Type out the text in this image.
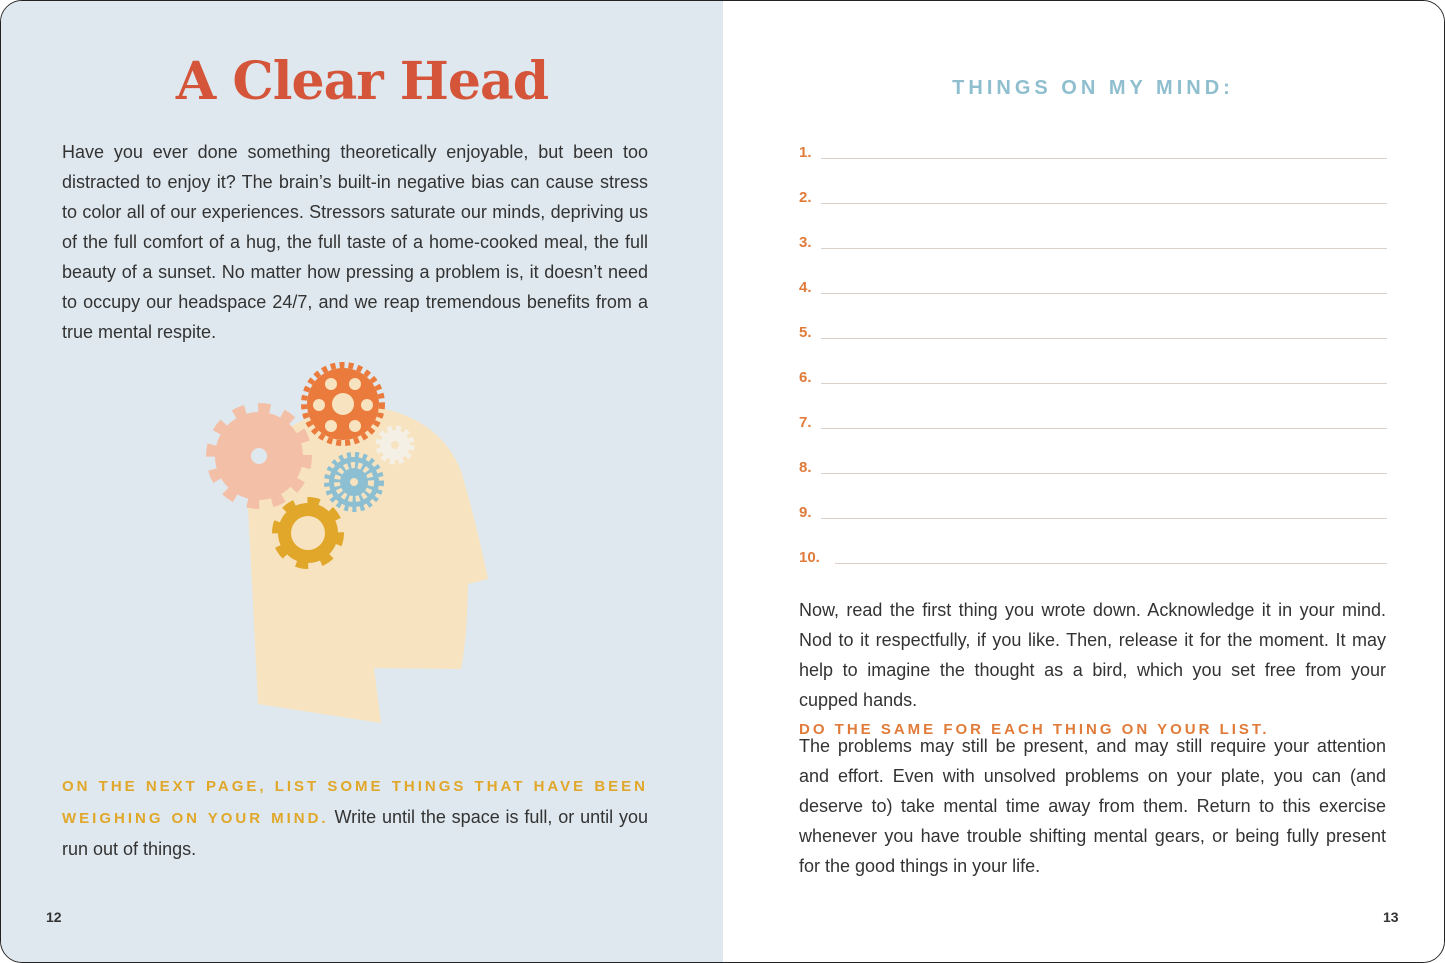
A Clear Head
Have you ever done something theoretically enjoyable, but been too distracted to enjoy it? The brain’s built-in negative bias can cause stress to color all of our experiences. Stressors saturate our minds, depriving us of the full comfort of a hug, the full taste of a home-cooked meal, the full beauty of a sunset. No matter how pressing a problem is, it doesn’t need to occupy our headspace 24/7, and we reap tremendous benefits from a true mental respite.
ON THE NEXT PAGE, LIST SOME THINGS THAT HAVE BEEN WEIGHING ON YOUR MIND. Write until the space is full, or until you run out of things.
12
THINGS ON MY MIND:
1.
2.
3.
4.
5.
6.
7.
8.
9.
10.
Now, read the first thing you wrote down. Acknowledge it in your mind. Nod to it respectfully, if you like. Then, release it for the moment. It may help to imagine the thought as a bird, which you set free from your cupped hands.
DO THE SAME FOR EACH THING ON YOUR LIST.
The problems may still be present, and may still require your attention and effort. Even with unsolved problems on your plate, you can (and deserve to) take mental time away from them. Return to this exercise whenever you have trouble shifting mental gears, or being fully present for the good things in your life.
13
